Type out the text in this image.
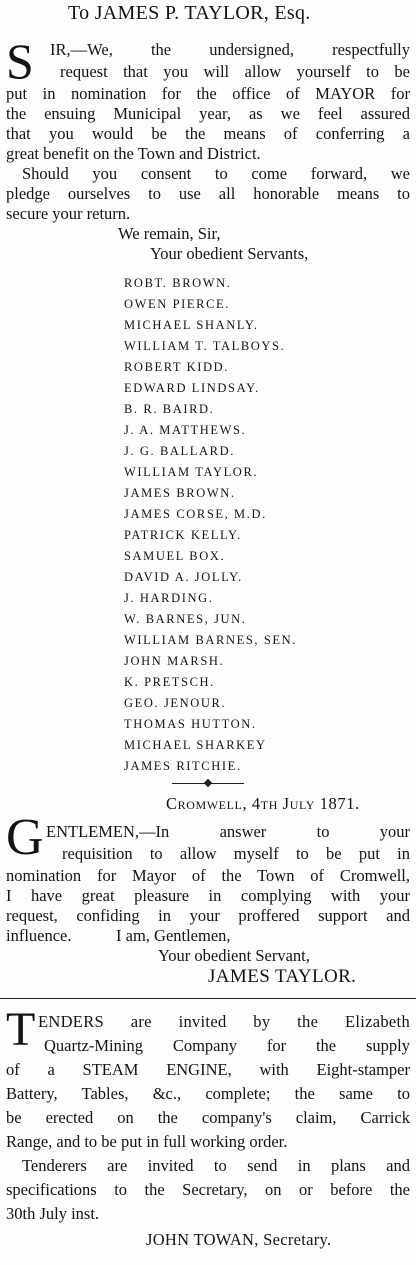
To JAMES P. TAYLOR, Esq.
S IR,—We, the undersigned, respectfully
request that you will allow yourself to be
put in nomination for the office of MAYOR for
the ensuing Municipal year, as we feel assured
that you would be the means of conferring a
great benefit on the Town and District.
Should you consent to come forward, we
pledge ourselves to use all honorable means to
secure your return.
We remain, Sir,
Your obedient Servants,
ROBT. BROWN.
OWEN PIERCE.
MICHAEL SHANLY.
WILLIAM T. TALBOYS.
ROBERT KIDD.
EDWARD LINDSAY.
B. R. BAIRD.
J. A. MATTHEWS.
J. G. BALLARD.
WILLIAM TAYLOR.
JAMES BROWN.
JAMES CORSE, M.D.
PATRICK KELLY.
SAMUEL BOX.
DAVID A. JOLLY.
J. HARDING.
W. BARNES, JUN.
WILLIAM BARNES, SEN.
JOHN MARSH.
K. PRETSCH.
GEO. JENOUR.
THOMAS HUTTON.
MICHAEL SHARKEY
JAMES RITCHIE.
Cromwell, 4th July 1871.
G ENTLEMEN,—In answer to your
requisition to allow myself to be put in
nomination for Mayor of the Town of Cromwell,
I have great pleasure in complying with your
request, confiding in your proffered support and
influence.	I am, Gentlemen,
Your obedient Servant,
JAMES TAYLOR.
T ENDERS are invited by the Elizabeth
Quartz-Mining Company for the supply
of a STEAM ENGINE, with Eight-stamper
Battery, Tables, &c., complete; the same to
be erected on the company's claim, Carrick
Range, and to be put in full working order.
Tenderers are invited to send in plans and
specifications to the Secretary, on or before the
30th July inst.
JOHN TOWAN, Secretary.
